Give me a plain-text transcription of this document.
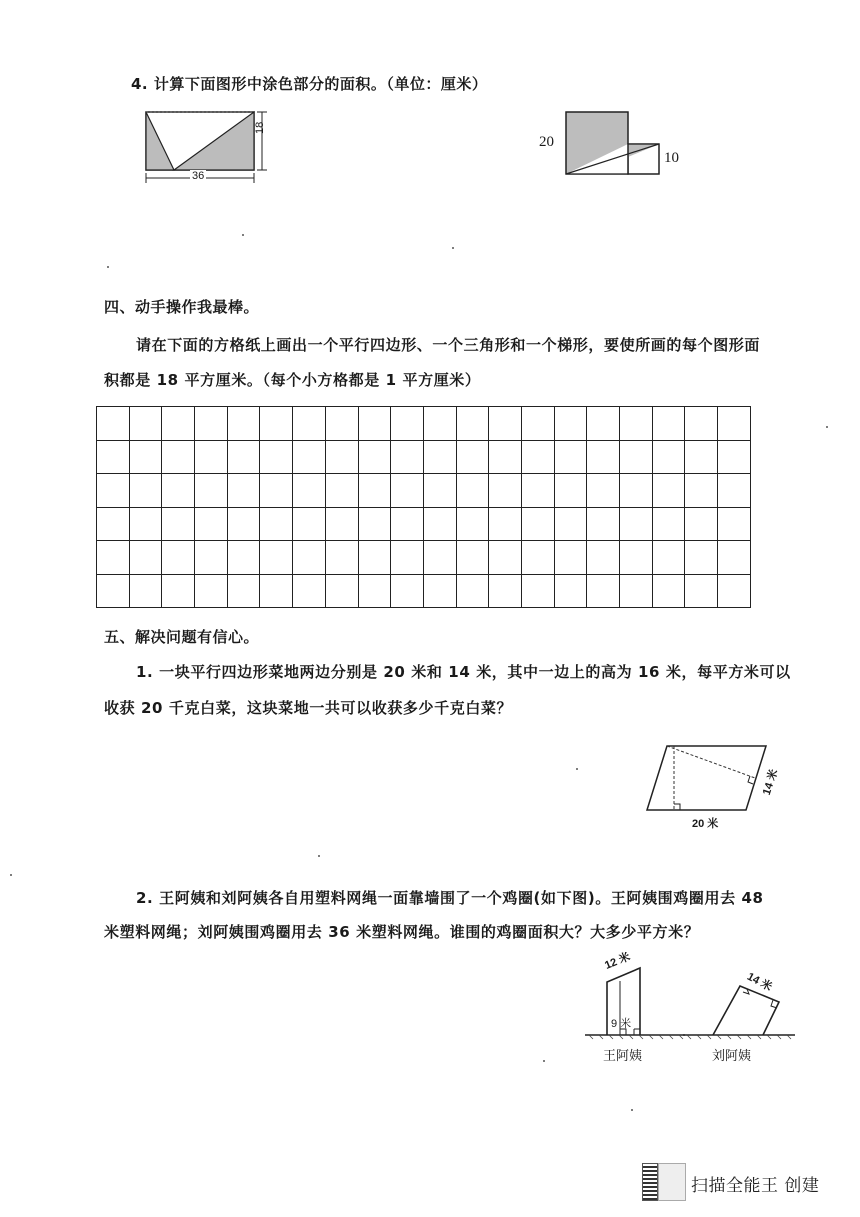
4. 计算下面图形中涂色部分的面积。（单位：厘米）
36
18
20
10
四、动手操作我最棒。
请在下面的方格纸上画出一个平行四边形、一个三角形和一个梯形，要使所画的每个图形面
积都是 18 平方厘米。（每个小方格都是 1 平方厘米）

五、解决问题有信心。
1. 一块平行四边形菜地两边分别是 20 米和 14 米，其中一边上的高为 16 米，每平方米可以
收获 20 千克白菜，这块菜地一共可以收获多少千克白菜？
20 米
14 米
2. 王阿姨和刘阿姨各自用塑料网绳一面靠墙围了一个鸡圈(如下图)。王阿姨围鸡圈用去 48
米塑料网绳；刘阿姨围鸡圈用去 36 米塑料网绳。谁围的鸡圈面积大？大多少平方米？
12 米
9 米
王阿姨
14 米
刘阿姨
扫描全能王 创建
